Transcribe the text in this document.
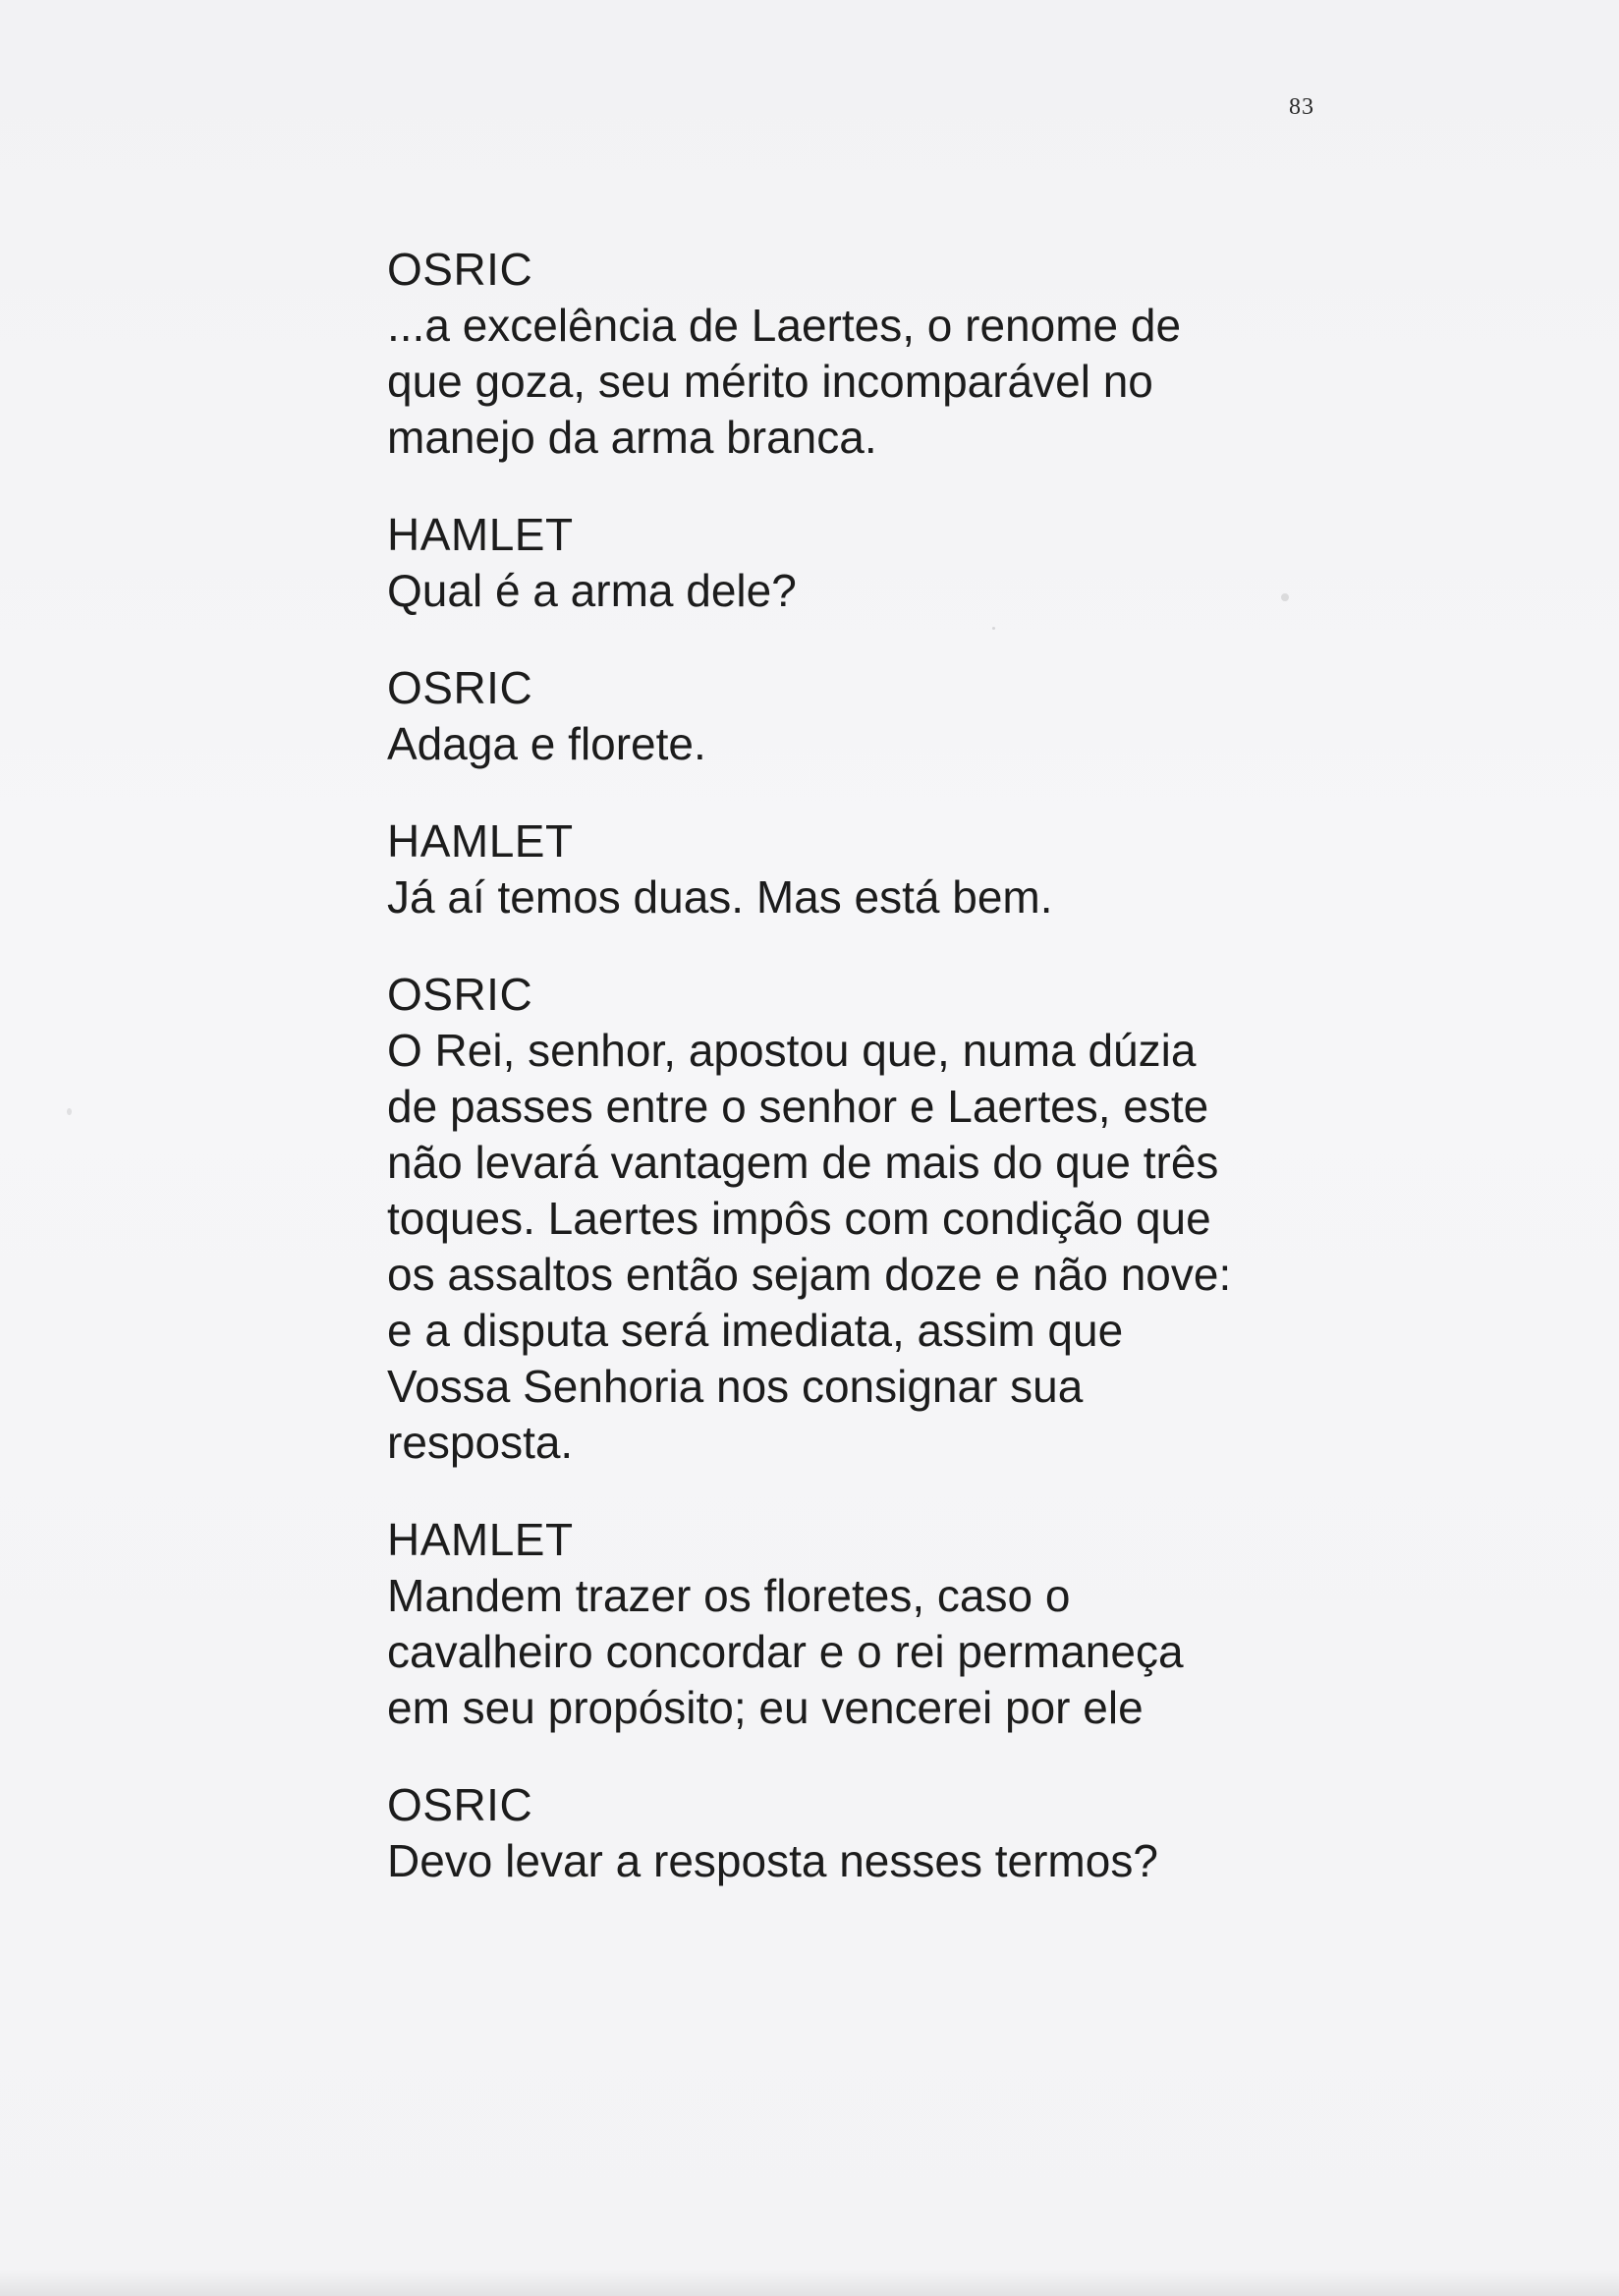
83
OSRIC
...a excelência de Laertes, o renome de
que goza, seu mérito incomparável no
manejo da arma branca.
HAMLET
Qual é a arma dele?
OSRIC
Adaga e florete.
HAMLET
Já aí temos duas. Mas está bem.
OSRIC
O Rei, senhor, apostou que, numa dúzia
de passes entre o senhor e Laertes, este
não levará vantagem de mais do que três
toques. Laertes impôs com condição que
os assaltos então sejam doze e não nove:
e a disputa será imediata, assim que
Vossa Senhoria nos consignar sua
resposta.
HAMLET
Mandem trazer os floretes, caso o
cavalheiro concordar e o rei permaneça
em seu propósito; eu vencerei por ele
OSRIC
Devo levar a resposta nesses termos?
